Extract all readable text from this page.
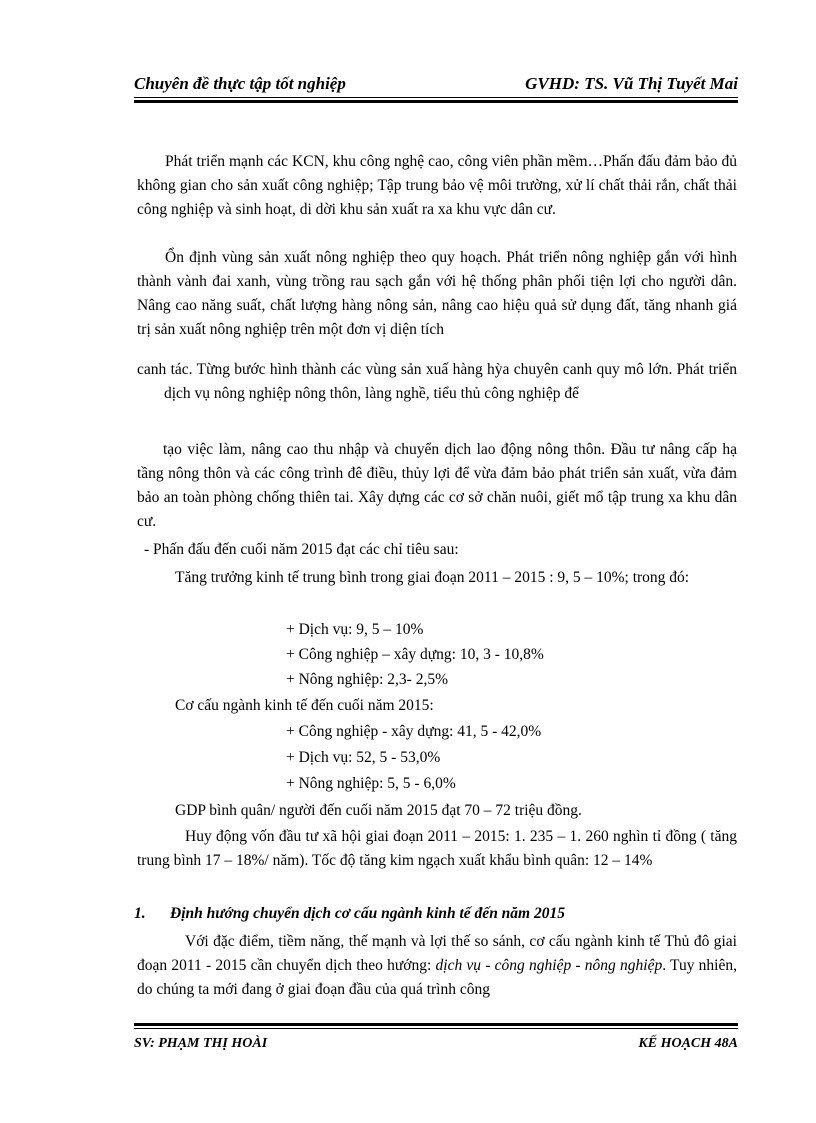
Chuyên đề thực tập tốt nghiệp	GVHD: TS. Vũ Thị Tuyết Mai
Phát triển mạnh các KCN, khu công nghệ cao, công viên phần mềm…Phấn đấu đảm bảo đủ không gian cho sản xuất công nghiệp; Tập trung bảo vệ môi trường, xử lí chất thải rắn, chất thải công nghiệp và sinh hoạt, di dời khu sản xuất ra xa khu vực dân cư.
Ổn định vùng sản xuất nông nghiệp theo quy hoạch. Phát triển nông nghiệp gắn với hình thành vành đai xanh, vùng trồng rau sạch gắn với hệ thống phân phối tiện lợi cho người dân. Nâng cao năng suất, chất lượng hàng nông sản, nâng cao hiệu quả sử dụng đất, tăng nhanh giá trị sản xuất nông nghiệp trên một đơn vị diện tích
canh tác. Từng bước hình thành các vùng sản xuấ hàng hỳa chuyên canh quy mô lớn. Phát triển dịch vụ nông nghiệp nông thôn, làng nghề, tiểu thủ công nghiệp để
tạo việc làm, nâng cao thu nhập và chuyển dịch lao động nông thôn. Đầu tư nâng cấp hạ tầng nông thôn và các công trình đê điều, thủy lợi để vừa đảm bảo phát triển sản xuất, vừa đảm bảo an toàn phòng chống thiên tai. Xây dựng các cơ sở chăn nuôi, giết mổ tập trung xa khu dân cư.
- Phấn đấu đến cuối năm 2015 đạt các chỉ tiêu sau:
Tăng trưởng kinh tế trung bình trong giai đoạn 2011 – 2015 : 9, 5 – 10%; trong đó:
+ Dịch vụ: 9, 5 – 10%
+ Công nghiệp – xây dựng: 10, 3 - 10,8%
+ Nông nghiệp: 2,3- 2,5%
Cơ cấu ngành kinh tế đến cuối năm 2015:
+ Công nghiệp - xây dựng: 41, 5 - 42,0%
+ Dịch vụ: 52, 5 - 53,0%
+ Nông nghiệp: 5, 5 - 6,0%
GDP bình quân/ người đến cuối năm 2015 đạt 70 – 72 triệu đồng.
Huy động vốn đầu tư xã hội giai đoạn 2011 – 2015: 1. 235 – 1. 260 nghìn tỉ đồng ( tăng trung bình 17 – 18%/ năm). Tốc độ tăng kim ngạch xuất khẩu bình quân: 12 – 14%
1. Định hướng chuyển dịch cơ cấu ngành kinh tế đến năm 2015
Với đặc điểm, tiềm năng, thế mạnh và lợi thế so sánh, cơ cấu ngành kinh tế Thủ đô giai đoạn 2011 - 2015 cần chuyển dịch theo hướng: dịch vụ - công nghiệp - nông nghiệp. Tuy nhiên, do chúng ta mới đang ở giai đoạn đầu của quá trình công
SV: PHẠM THỊ HOÀI	KẾ HOẠCH 48A
